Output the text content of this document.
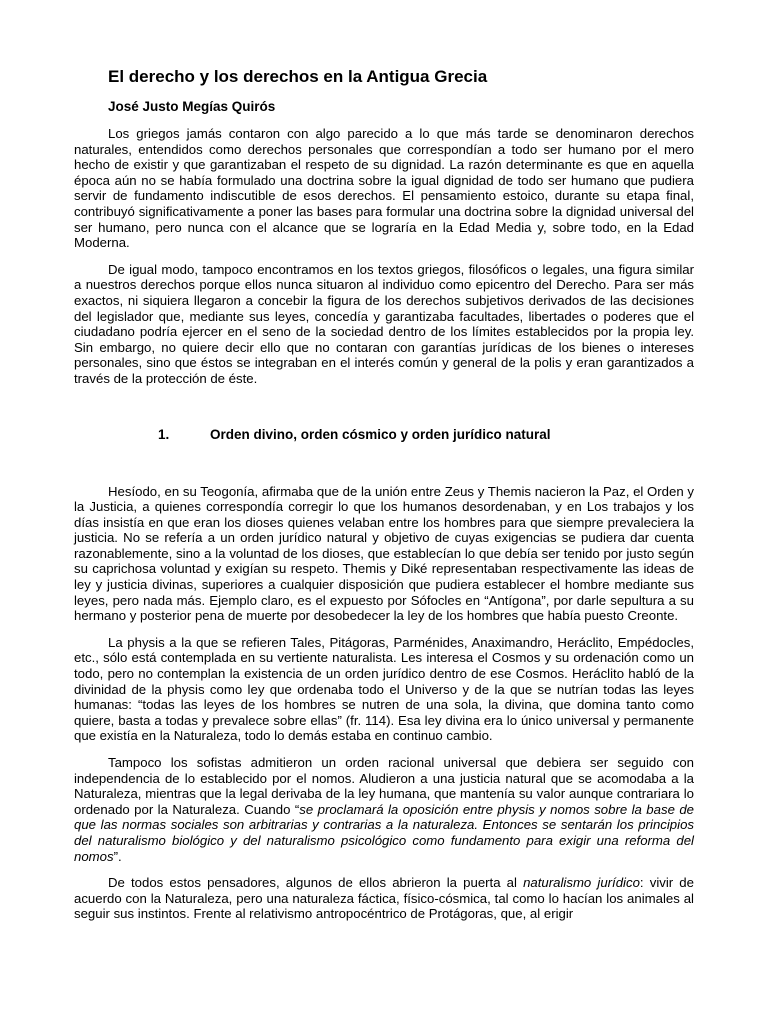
El derecho y los derechos en la Antigua Grecia
José Justo Megías Quirós

Los griegos jamás contaron con algo parecido a lo que más tarde se denominaron derechos naturales, entendidos como derechos personales que correspondían a todo ser humano por el mero hecho de existir y que garantizaban el respeto de su dignidad. La razón determinante es que en aquella época aún no se había formulado una doctrina sobre la igual dignidad de todo ser humano que pudiera servir de fundamento indiscutible de esos derechos. El pensamiento estoico, durante su etapa final, contribuyó significativamente a poner las bases para formular una doctrina sobre la dignidad universal del ser humano, pero nunca con el alcance que se lograría en la Edad Media y, sobre todo, en la Edad Moderna.

De igual modo, tampoco encontramos en los textos griegos, filosóficos o legales, una figura similar a nuestros derechos porque ellos nunca situaron al individuo como epicentro del Derecho. Para ser más exactos, ni siquiera llegaron a concebir la figura de los derechos subjetivos derivados de las decisiones del legislador que, mediante sus leyes, concedía y garantizaba facultades, libertades o poderes que el ciudadano podría ejercer en el seno de la sociedad dentro de los límites establecidos por la propia ley. Sin embargo, no quiere decir ello que no contaran con garantías jurídicas de los bienes o intereses personales, sino que éstos se integraban en el interés común y general de la polis y eran garantizados a través de la protección de éste.

1.	Orden divino, orden cósmico y orden jurídico natural

Hesíodo, en su Teogonía, afirmaba que de la unión entre Zeus y Themis nacieron la Paz, el Orden y la Justicia, a quienes correspondía corregir lo que los humanos desordenaban, y en Los trabajos y los días insistía en que eran los dioses quienes velaban entre los hombres para que siempre prevaleciera la justicia. No se refería a un orden jurídico natural y objetivo de cuyas exigencias se pudiera dar cuenta razonablemente, sino a la voluntad de los dioses, que establecían lo que debía ser tenido por justo según su caprichosa voluntad y exigían su respeto. Themis y Diké representaban respectivamente las ideas de ley y justicia divinas, superiores a cualquier disposición que pudiera establecer el hombre mediante sus leyes, pero nada más. Ejemplo claro, es el expuesto por Sófocles en “Antígona”, por darle sepultura a su hermano y posterior pena de muerte por desobedecer la ley de los hombres que había puesto Creonte.

La physis a la que se refieren Tales, Pitágoras, Parménides, Anaximandro, Heráclito, Empédocles, etc., sólo está contemplada en su vertiente naturalista. Les interesa el Cosmos y su ordenación como un todo, pero no contemplan la existencia de un orden jurídico dentro de ese Cosmos. Heráclito habló de la divinidad de la physis como ley que ordenaba todo el Universo y de la que se nutrían todas las leyes humanas: “todas las leyes de los hombres se nutren de una sola, la divina, que domina tanto como quiere, basta a todas y prevalece sobre ellas” (fr. 114). Esa ley divina era lo único universal y permanente que existía en la Naturaleza, todo lo demás estaba en continuo cambio.

Tampoco los sofistas admitieron un orden racional universal que debiera ser seguido con independencia de lo establecido por el nomos. Aludieron a una justicia natural que se acomodaba a la Naturaleza, mientras que la legal derivaba de la ley humana, que mantenía su valor aunque contrariara lo ordenado por la Naturaleza. Cuando “se proclamará la oposición entre physis y nomos sobre la base de que las normas sociales son arbitrarias y contrarias a la naturaleza. Entonces se sentarán los principios del naturalismo biológico y del naturalismo psicológico como fundamento para exigir una reforma del nomos”.

De todos estos pensadores, algunos de ellos abrieron la puerta al naturalismo jurídico: vivir de acuerdo con la Naturaleza, pero una naturaleza fáctica, físico-cósmica, tal como lo hacían los animales al seguir sus instintos. Frente al relativismo antropocéntrico de Protágoras, que, al erigir
